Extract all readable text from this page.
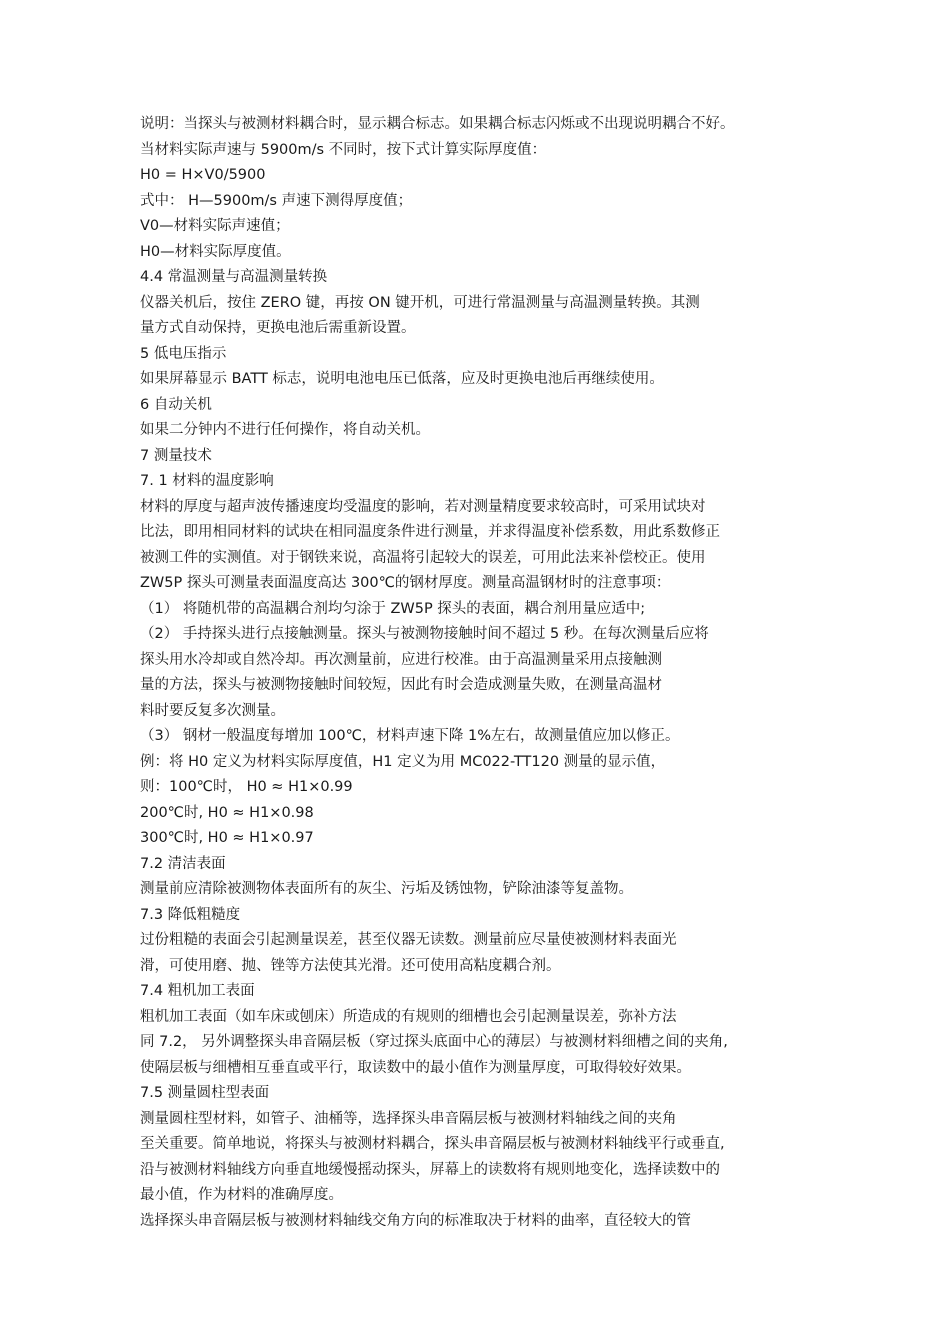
说明：当探头与被测材料耦合时，显示耦合标志。如果耦合标志闪烁或不出现说明耦合不好。
当材料实际声速与 5900m/s 不同时，按下式计算实际厚度值：
H0 = H×V0/5900
式中： H—5900m/s 声速下测得厚度值；
V0—材料实际声速值；
H0—材料实际厚度值。
4.4 常温测量与高温测量转换
仪器关机后，按住 ZERO 键，再按 ON 键开机，可进行常温测量与高温测量转换。其测
量方式自动保持，更换电池后需重新设置。
5 低电压指示
如果屏幕显示 BATT 标志，说明电池电压已低落，应及时更换电池后再继续使用。
6 自动关机
如果二分钟内不进行任何操作，将自动关机。
7 测量技术
7. 1 材料的温度影响
材料的厚度与超声波传播速度均受温度的影响，若对测量精度要求较高时，可采用试块对
比法，即用相同材料的试块在相同温度条件进行测量，并求得温度补偿系数，用此系数修正
被测工件的实测值。对于钢铁来说，高温将引起较大的误差，可用此法来补偿校正。使用
ZW5P 探头可测量表面温度高达 300℃的钢材厚度。测量高温钢材时的注意事项：
（1） 将随机带的高温耦合剂均匀涂于 ZW5P 探头的表面，耦合剂用量应适中;
（2） 手持探头进行点接触测量。探头与被测物接触时间不超过 5 秒。在每次测量后应将
探头用水冷却或自然冷却。再次测量前，应进行校准。由于高温测量采用点接触测
量的方法，探头与被测物接触时间较短，因此有时会造成测量失败，在测量高温材
料时要反复多次测量。
（3） 钢材一般温度每增加 100℃，材料声速下降 1%左右，故测量值应加以修正。
例：将 H0 定义为材料实际厚度值，H1 定义为用 MC022-TT120 测量的显示值，
则：100℃时， H0 ≈ H1×0.99
200℃时, H0 ≈ H1×0.98
300℃时, H0 ≈ H1×0.97
7.2 清洁表面
测量前应清除被测物体表面所有的灰尘、污垢及锈蚀物，铲除油漆等复盖物。
7.3 降低粗糙度
过份粗糙的表面会引起测量误差，甚至仪器无读数。测量前应尽量使被测材料表面光
滑，可使用磨、抛、锉等方法使其光滑。还可使用高粘度耦合剂。
7.4 粗机加工表面
粗机加工表面（如车床或刨床）所造成的有规则的细槽也会引起测量误差，弥补方法
同 7.2， 另外调整探头串音隔层板（穿过探头底面中心的薄层）与被测材料细槽之间的夹角,
使隔层板与细槽相互垂直或平行，取读数中的最小值作为测量厚度，可取得较好效果。
7.5 测量圆柱型表面
测量圆柱型材料，如管子、油桶等，选择探头串音隔层板与被测材料轴线之间的夹角
至关重要。简单地说，将探头与被测材料耦合，探头串音隔层板与被测材料轴线平行或垂直,
沿与被测材料轴线方向垂直地缓慢摇动探头，屏幕上的读数将有规则地变化，选择读数中的
最小值，作为材料的准确厚度。
选择探头串音隔层板与被测材料轴线交角方向的标准取决于材料的曲率，直径较大的管
